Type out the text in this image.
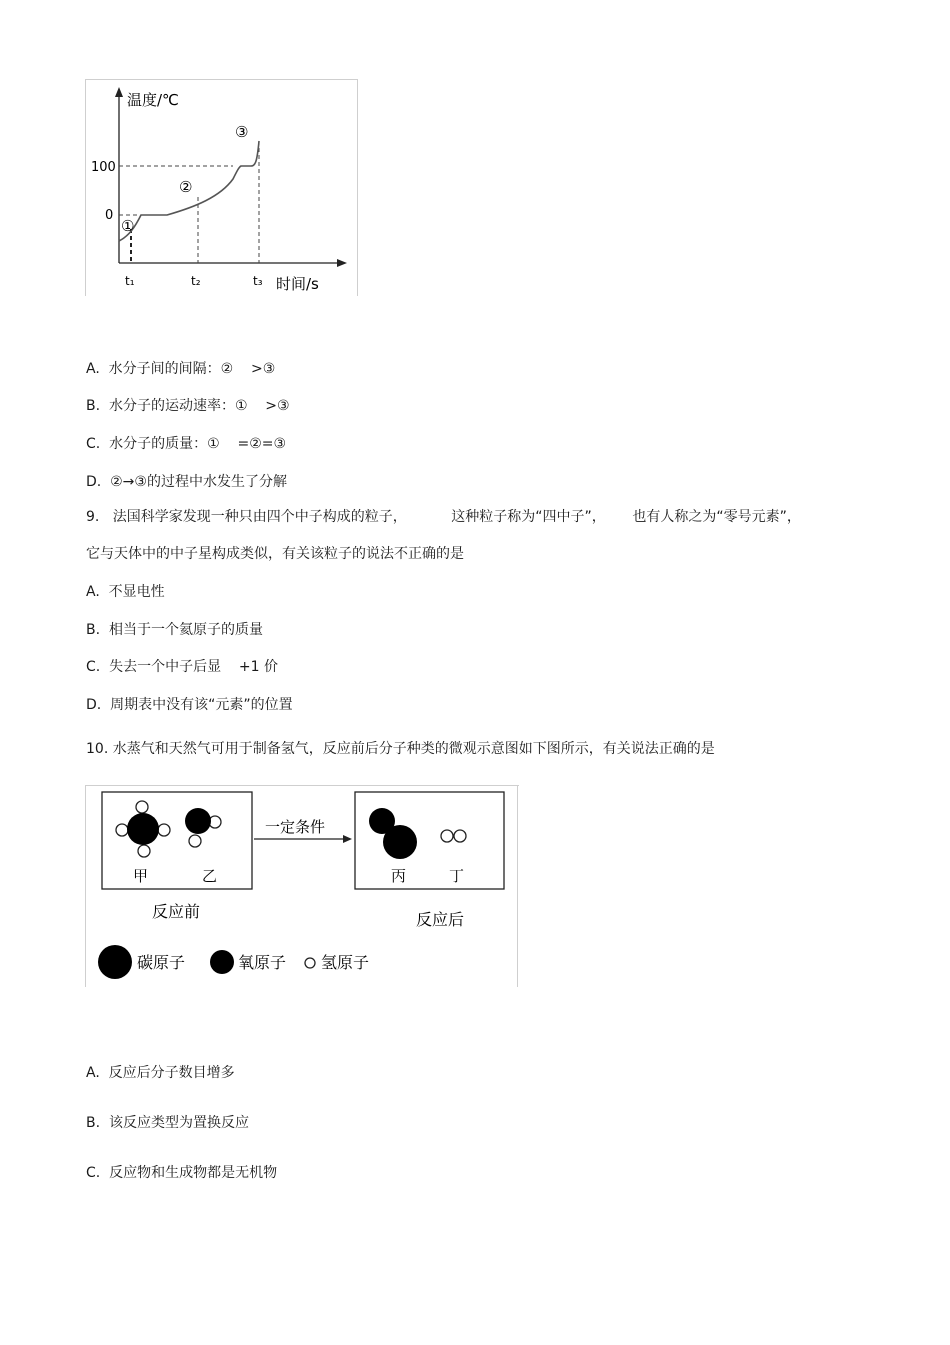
温度/℃
时间/s
100
0
t₁	t₂	t₃
①
②
③
A.  水分子间的间隔：②    >③
B.  水分子的运动速率：①    >③
C.  水分子的质量：①    =②=③
D.  ②→③的过程中水发生了分解
9.   法国科学家发现一种只由四个中子构成的粒子，          这种粒子称为“四中子”，      也有人称之为“零号元素”，
它与天体中的中子星构成类似，有关该粒子的说法不正确的是
A.  不显电性
B.  相当于一个氦原子的质量
C.  失去一个中子后显    +1 价
D.  周期表中没有该“元素”的位置
10. 水蒸气和天然气可用于制备氢气，反应前后分子种类的微观示意图如下图所示，有关说法正确的是
甲	乙
一定条件
丙	丁
反应前	反应后
碳原子	氧原子 氢原子
A.  反应后分子数目增多
B.  该反应类型为置换反应
C.  反应物和生成物都是无机物
